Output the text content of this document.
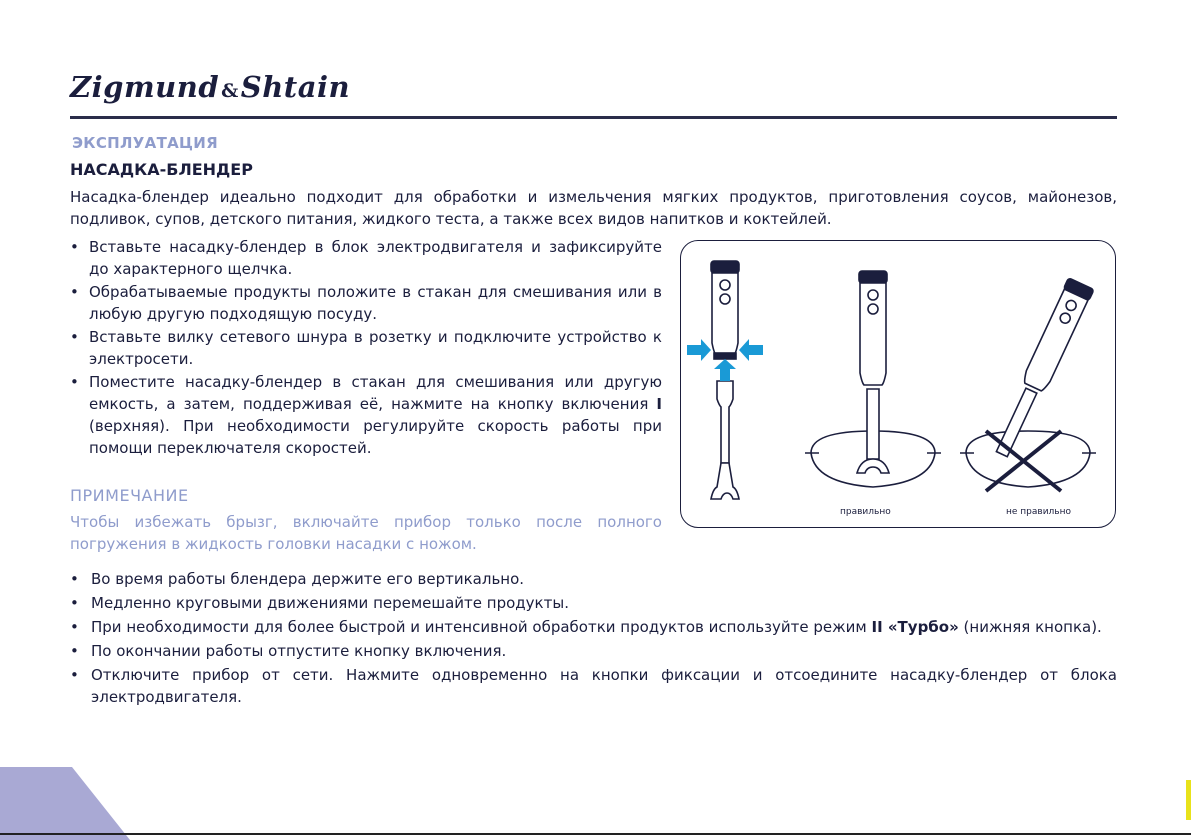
Zigmund &Shtain
ЭКСПЛУАТАЦИЯ
НАСАДКА-БЛЕНДЕР
Насадка-блендер идеально подходит для обработки и измельчения мягких продуктов, приготовления соусов, майонезов, подливок, супов, детского питания, жидкого теста, а также всех видов напитков и коктейлей.
• Вставьте насадку-блендер в блок электродвигателя и зафиксируйте до характерного щелчка.
• Обрабатываемые продукты положите в стакан для смешивания или в любую другую подходящую посуду.
• Вставьте вилку сетевого шнура в розетку и подключите устройство к электросети.
• Поместите насадку-блендер в стакан для смешивания или другую емкость, а затем, поддерживая её, нажмите на кнопку включения I (верхняя). При необходимости регулируйте скорость работы при помощи переключателя скоростей.
ПРИМЕЧАНИЕ
Чтобы избежать брызг, включайте прибор только после полного погружения в жидкость головки насадки с ножом.
правильно	не правильно
• Во время работы блендера держите его вертикально.
• Медленно круговыми движениями перемешайте продукты.
• При необходимости для более быстрой и интенсивной обработки продуктов используйте режим II «Турбо» (нижняя кнопка).
• По окончании работы отпустите кнопку включения.
• Отключите прибор от сети. Нажмите одновременно на кнопки фиксации и отсоедините насадку-блендер от блока электродвигателя.
